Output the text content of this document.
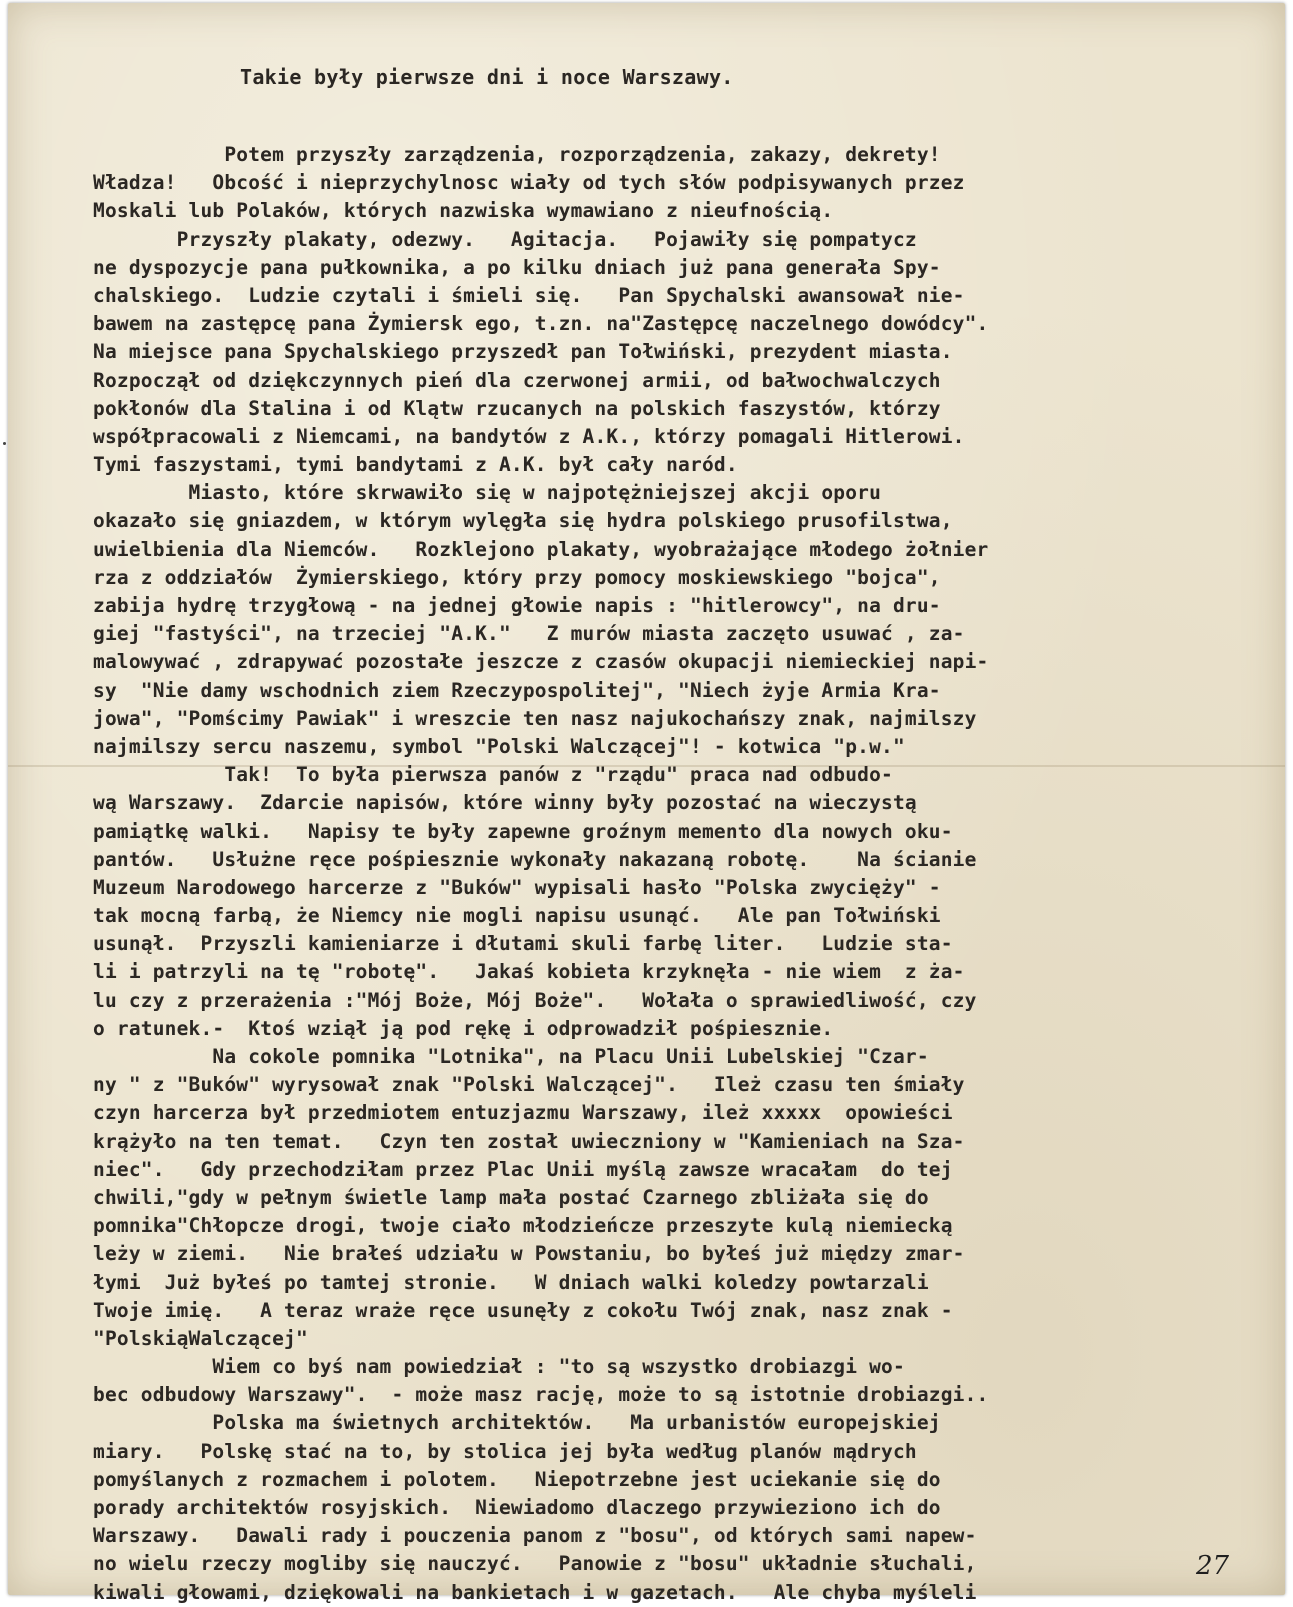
Takie były pierwsze dni i noce Warszawy.
Potem przyszły zarządzenia, rozporządzenia, zakazy, dekrety!
Władza!   Obcość i nieprzychylnosc wiały od tych słów podpisywanych przez
Moskali lub Polaków, których nazwiska wymawiano z nieufnością.
Przyszły plakaty, odezwy.   Agitacja.   Pojawiły się pompatycz
ne dyspozycje pana pułkownika, a po kilku dniach już pana generała Spy-
chalskiego.  Ludzie czytali i śmieli się.   Pan Spychalski awansował nie-
bawem na zastępcę pana Żymiersk ego, t.zn. na"Zastępcę naczelnego dowódcy".
Na miejsce pana Spychalskiego przyszedł pan Tołwiński, prezydent miasta.
Rozpoczął od dziękczynnych pień dla czerwonej armii, od bałwochwalczych
pokłonów dla Stalina i od Klątw rzucanych na polskich faszystów, którzy
współpracowali z Niemcami, na bandytów z A.K., którzy pomagali Hitlerowi.
Tymi faszystami, tymi bandytami z A.K. był cały naród.
Miasto, które skrwawiło się w najpotężniejszej akcji oporu
okazało się gniazdem, w którym wylęgła się hydra polskiego prusofilstwa,
uwielbienia dla Niemców.   Rozklejono plakaty, wyobrażające młodego żołnier
rza z oddziałów  Żymierskiego, który przy pomocy moskiewskiego "bojca",
zabija hydrę trzygłową - na jednej głowie napis : "hitlerowcy", na dru-
giej "fastyści", na trzeciej "A.K."   Z murów miasta zaczęto usuwać , za-
malowywać , zdrapywać pozostałe jeszcze z czasów okupacji niemieckiej napi-
sy  "Nie damy wschodnich ziem Rzeczypospolitej", "Niech żyje Armia Kra-
jowa", "Pomścimy Pawiak" i wreszcie ten nasz najukochańszy znak, najmilszy
najmilszy sercu naszemu, symbol "Polski Walczącej"! - kotwica "p.w."
Tak!  To była pierwsza panów z "rządu" praca nad odbudo-
wą Warszawy.  Zdarcie napisów, które winny były pozostać na wieczystą
pamiątkę walki.   Napisy te były zapewne groźnym memento dla nowych oku-
pantów.   Usłużne ręce pośpiesznie wykonały nakazaną robotę.    Na ścianie
Muzeum Narodowego harcerze z "Buków" wypisali hasło "Polska zwycięży" -
tak mocną farbą, że Niemcy nie mogli napisu usunąć.   Ale pan Tołwiński
usunął.  Przyszli kamieniarze i dłutami skuli farbę liter.   Ludzie sta-
li i patrzyli na tę "robotę".   Jakaś kobieta krzyknęła - nie wiem  z ża-
lu czy z przerażenia :"Mój Boże, Mój Boże".   Wołała o sprawiedliwość, czy
o ratunek.-  Ktoś wziął ją pod rękę i odprowadził pośpiesznie.
Na cokole pomnika "Lotnika", na Placu Unii Lubelskiej "Czar-
ny " z "Buków" wyrysował znak "Polski Walczącej".   Ileż czasu ten śmiały
czyn harcerza był przedmiotem entuzjazmu Warszawy, ileż xxxxx  opowieści
krążyło na ten temat.   Czyn ten został uwieczniony w "Kamieniach na Sza-
niec".   Gdy przechodziłam przez Plac Unii myślą zawsze wracałam  do tej
chwili,"gdy w pełnym świetle lamp mała postać Czarnego zbliżała się do
pomnika"Chłopcze drogi, twoje ciało młodzieńcze przeszyte kulą niemiecką
leży w ziemi.   Nie brałeś udziału w Powstaniu, bo byłeś już między zmar-
łymi  Już byłeś po tamtej stronie.   W dniach walki koledzy powtarzali
Twoje imię.   A teraz wraże ręce usunęły z cokołu Twój znak, nasz znak -
"PolskiąWalczącej"
Wiem co byś nam powiedział : "to są wszystko drobiazgi wo-
bec odbudowy Warszawy".  - może masz rację, może to są istotnie drobiazgi..
Polska ma świetnych architektów.   Ma urbanistów europejskiej
miary.   Polskę stać na to, by stolica jej była według planów mądrych
pomyślanych z rozmachem i polotem.   Niepotrzebne jest uciekanie się do
porady architektów rosyjskich.  Niewiadomo dlaczego przywieziono ich do
Warszawy.   Dawali rady i pouczenia panom z "bosu", od których sami napew-
no wielu rzeczy mogliby się nauczyć.   Panowie z "bosu" układnie słuchali,
kiwali głowami, dziękowali na bankietach i w gazetach.   Ale chyba myśleli
27
